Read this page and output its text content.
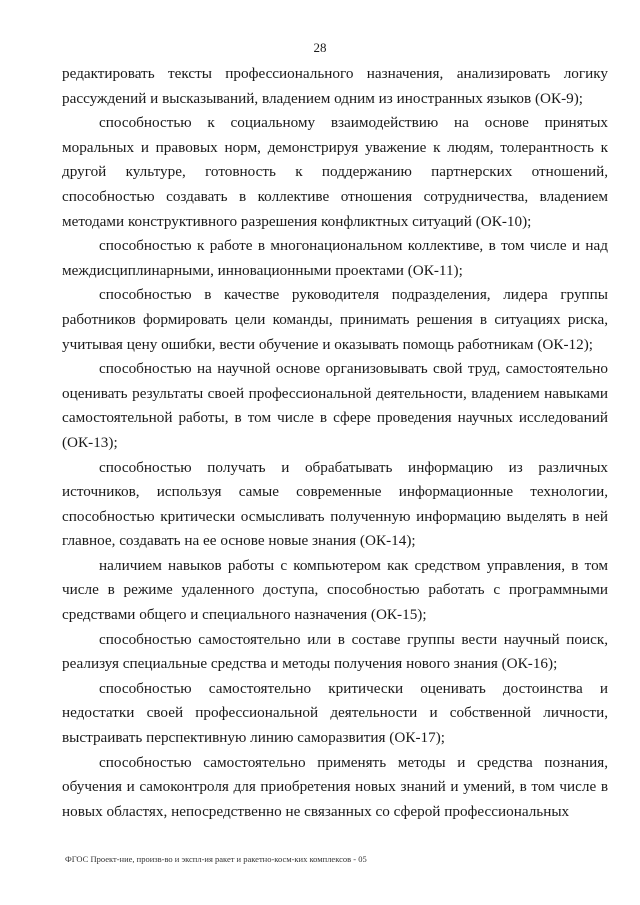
28

редактировать тексты профессионального назначения, анализировать логику рассуждений и высказываний, владением одним из иностранных языков (ОК-9);

способностью к социальному взаимодействию на основе принятых моральных и правовых норм, демонстрируя уважение к людям, толерантность к другой культуре, готовность к поддержанию партнерских отношений, способностью создавать в коллективе отношения сотрудничества, владением методами конструктивного разрешения конфликтных ситуаций (ОК-10);

способностью к работе в многонациональном коллективе, в том числе и над междисциплинарными, инновационными проектами (ОК-11);

способностью в качестве руководителя подразделения, лидера группы работников формировать цели команды, принимать решения в ситуациях риска, учитывая цену ошибки, вести обучение и оказывать помощь работникам (ОК-12);

способностью на научной основе организовывать свой труд, самостоятельно оценивать результаты своей профессиональной деятельности, владением навыками самостоятельной работы, в том числе в сфере проведения научных исследований (ОК-13);

способностью получать и обрабатывать информацию из различных источников, используя самые современные информационные технологии, способностью критически осмысливать полученную информацию выделять в ней главное, создавать на ее основе новые знания (ОК-14);

наличием навыков работы с компьютером как средством управления, в том числе в режиме удаленного доступа, способностью работать с программными средствами общего и специального назначения (ОК-15);

способностью самостоятельно или в составе группы вести научный поиск, реализуя специальные средства и методы получения нового знания (ОК-16);

способностью самостоятельно критически оценивать достоинства и недостатки своей профессиональной деятельности и собственной личности, выстраивать перспективную линию саморазвития (ОК-17);

способностью самостоятельно применять методы и средства познания, обучения и самоконтроля для приобретения новых знаний и умений, в том числе в новых областях, непосредственно не связанных со сферой профессиональных

ФГОС Проект-ние, произв-во и экспл-ия ракет и ракетно-косм-ких комплексов - 05
